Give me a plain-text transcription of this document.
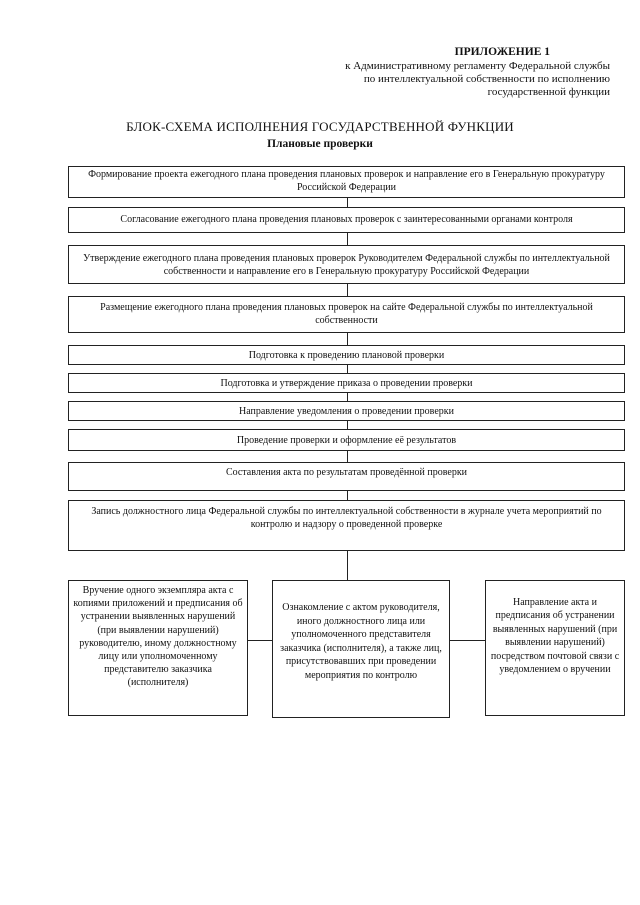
ПРИЛОЖЕНИЕ 1
к Административному регламенту Федеральной службы по интеллектуальной собственности по исполнению государственной функции
БЛОК-СХЕМА ИСПОЛНЕНИЯ ГОСУДАРСТВЕННОЙ ФУНКЦИИ
Плановые проверки
Формирование проекта ежегодного плана проведения плановых проверок и направление его в Генеральную прокуратуру Российской Федерации
Согласование ежегодного плана проведения плановых проверок с заинтересованными органами контроля
Утверждение ежегодного плана проведения плановых проверок Руководителем Федеральной службы по интеллектуальной собственности и направление его в Генеральную прокуратуру Российской Федерации
Размещение ежегодного плана проведения плановых проверок на сайте Федеральной службы по интеллектуальной собственности
Подготовка к проведению плановой проверки
Подготовка и утверждение приказа о проведении проверки
Направление уведомления о проведении проверки
Проведение проверки и оформление её результатов
Составления акта по результатам проведённой проверки
Запись должностного лица Федеральной службы по интеллектуальной собственности в журнале учета мероприятий по контролю и надзору о проведенной проверке
Вручение одного экземпляра акта с копиями приложений и предписания об устранении выявленных нарушений (при выявлении нарушений) руководителю, иному должностному лицу или уполномоченному представителю заказчика (исполнителя)
Ознакомление с актом руководителя, иного должностного лица или уполномоченного представителя заказчика (исполнителя), а также лиц, присутствовавших при проведении мероприятия по контролю
Направление акта и предписания об устранении выявленных нарушений (при выявлении нарушений) посредством почтовой связи с уведомлением о вручении
